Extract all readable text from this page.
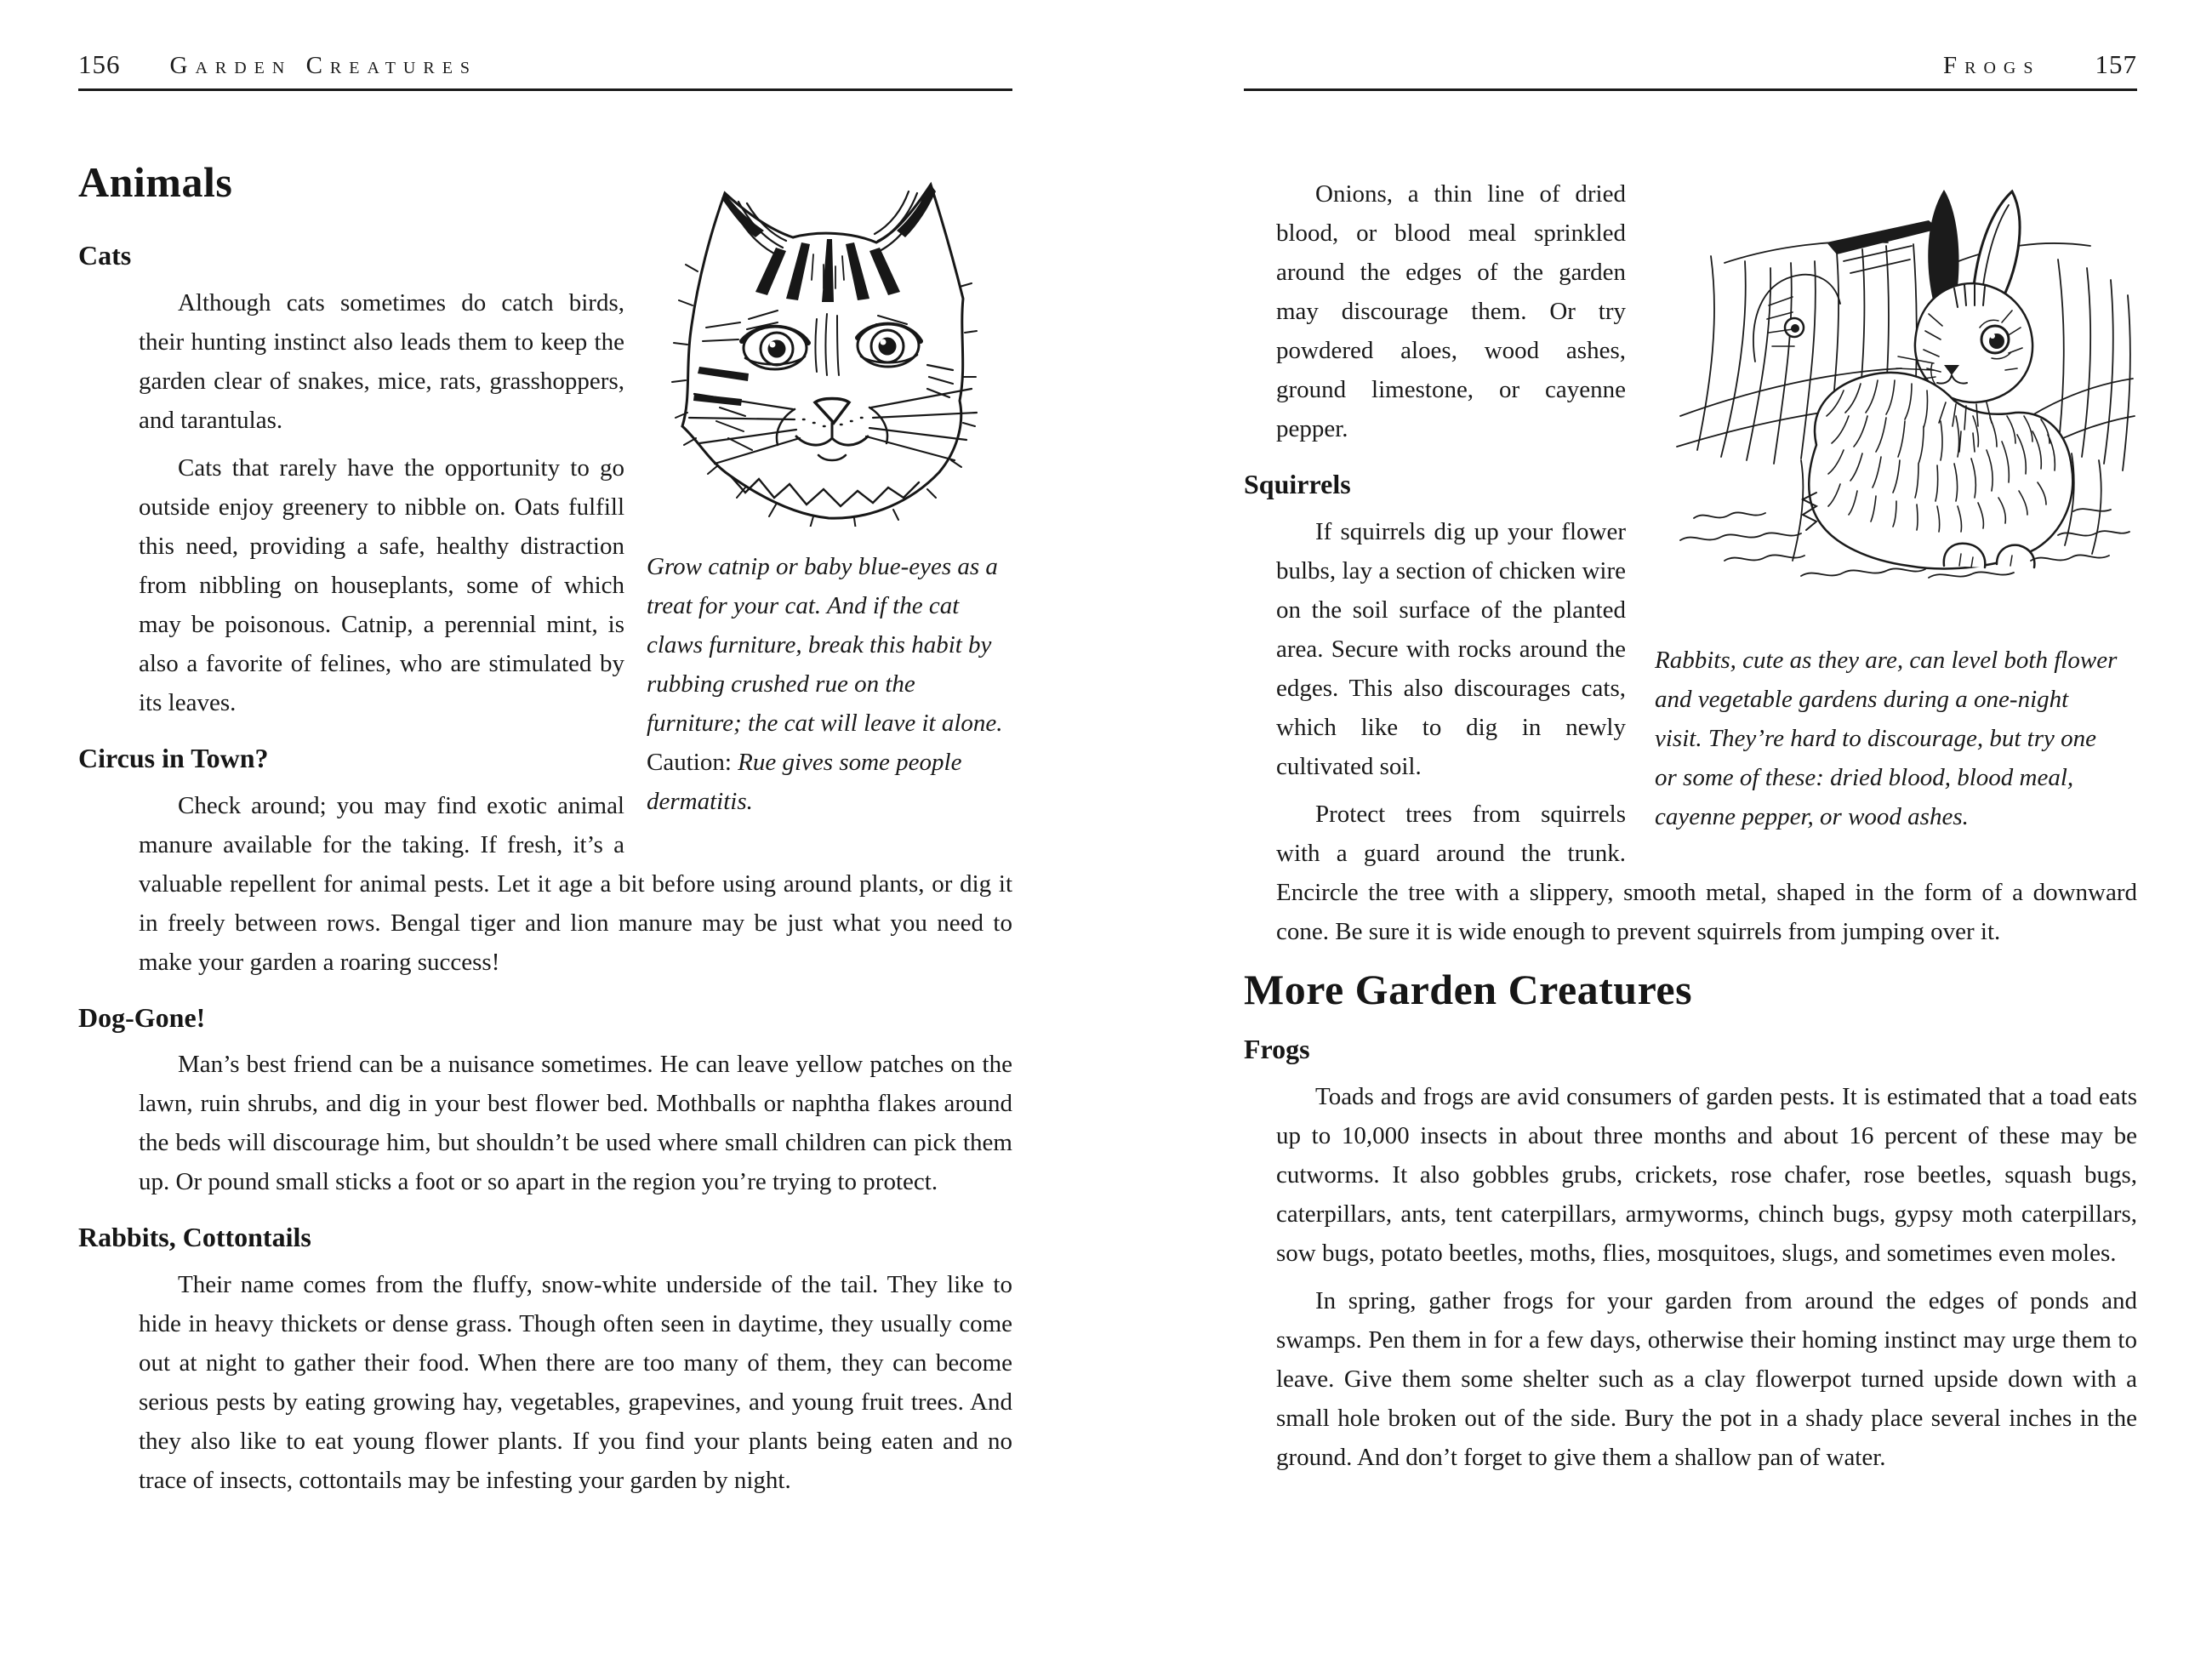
156 Garden Creatures
Grow catnip or baby blue-eyes as a treat for your cat. And if the cat claws furniture, break this habit by rubbing crushed rue on the furniture; the cat will leave it alone. Caution: Rue gives some people dermatitis.
Animals
Cats

Although cats sometimes do catch birds, their hunting instinct also leads them to keep the garden clear of snakes, mice, rats, grasshoppers, and tarantulas.

Cats that rarely have the opportunity to go outside enjoy greenery to nibble on. Oats fulfill this need, providing a safe, healthy distraction from nibbling on houseplants, some of which may be poisonous. Catnip, a perennial mint, is also a favorite of felines, who are stimulated by its leaves.

Circus in Town?

Check around; you may find exotic animal manure available for the taking. If fresh, it’s a valuable repellent for animal pests. Let it age a bit before using around plants, or dig it in freely between rows. Bengal tiger and lion manure may be just what you need to make your garden a roaring success!

Dog-Gone!

Man’s best friend can be a nuisance sometimes. He can leave yellow patches on the lawn, ruin shrubs, and dig in your best flower bed. Mothballs or naphtha flakes around the beds will discourage him, but shouldn’t be used where small children can pick them up. Or pound small sticks a foot or so apart in the region you’re trying to protect.

Rabbits, Cottontails

Their name comes from the fluffy, snow-white underside of the tail. They like to hide in heavy thickets or dense grass. Though often seen in daytime, they usually come out at night to gather their food. When there are too many of them, they can become serious pests by eating growing hay, vegetables, grapevines, and young fruit trees. And they also like to eat young flower plants. If you find your plants being eaten and no trace of insects, cottontails may be infesting your garden by night.

Frogs 157
Rabbits, cute as they are, can level both flower and vegetable gardens during a one-night visit. They’re hard to discourage, but try one or some of these: dried blood, blood meal, cayenne pepper, or wood ashes.

Onions, a thin line of dried blood, or blood meal sprinkled around the edges of the garden may discourage them. Or try powdered aloes, wood ashes, ground limestone, or cayenne pepper.

Squirrels

If squirrels dig up your flower bulbs, lay a section of chicken wire on the soil surface of the planted area. Secure with rocks around the edges. This also discourages cats, which like to dig in newly cultivated soil.

Protect trees from squirrels with a guard around the trunk. Encircle the tree with a slippery, smooth metal, shaped in the form of a downward cone. Be sure it is wide enough to prevent squirrels from jumping over it.

More Garden Creatures
Frogs

Toads and frogs are avid consumers of garden pests. It is estimated that a toad eats up to 10,000 insects in about three months and about 16 percent of these may be cutworms. It also gobbles grubs, crickets, rose chafer, rose beetles, squash bugs, caterpillars, ants, tent caterpillars, armyworms, chinch bugs, gypsy moth caterpillars, sow bugs, potato beetles, moths, flies, mosquitoes, slugs, and sometimes even moles.

In spring, gather frogs for your garden from around the edges of ponds and swamps. Pen them in for a few days, otherwise their homing instinct may urge them to leave. Give them some shelter such as a clay flowerpot turned upside down with a small hole broken out of the side. Bury the pot in a shady place several inches in the ground. And don’t forget to give them a shallow pan of water.
